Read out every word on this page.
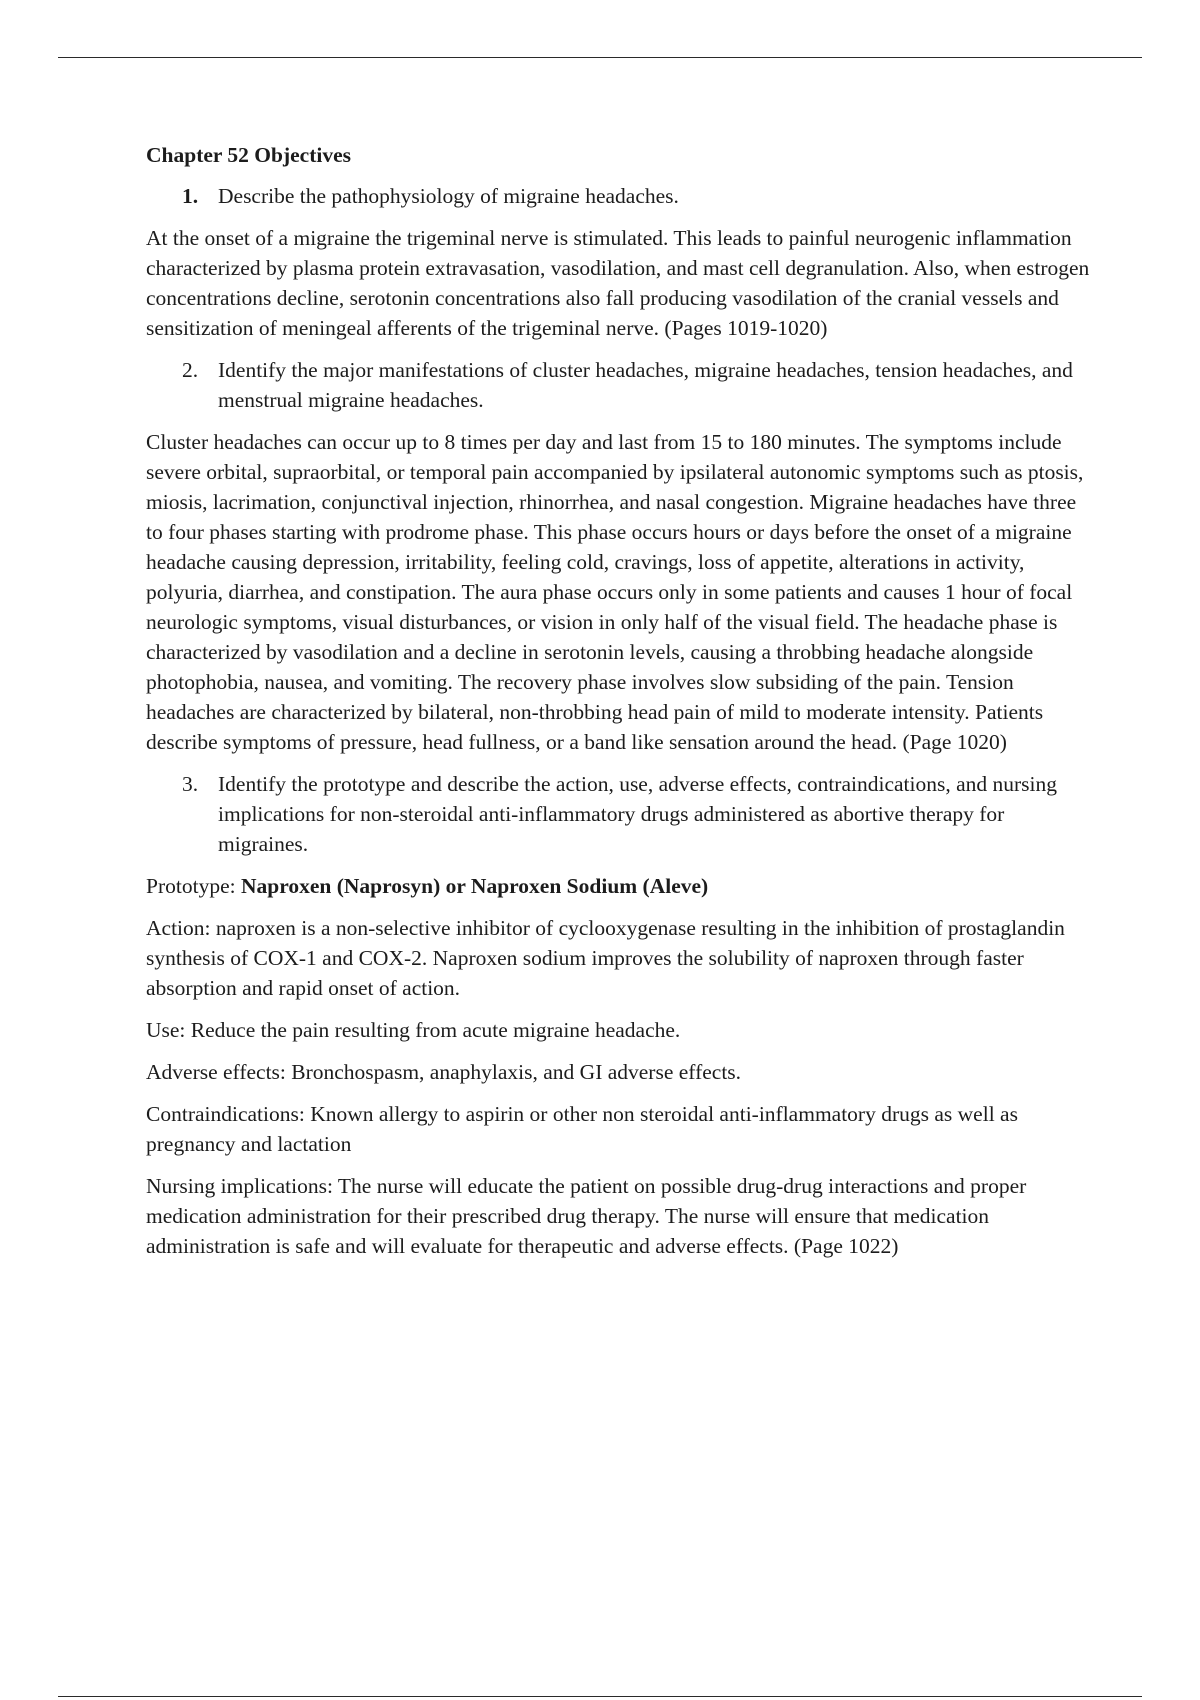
Chapter 52 Objectives
1. Describe the pathophysiology of migraine headaches.

At the onset of a migraine the trigeminal nerve is stimulated. This leads to painful neurogenic inflammation characterized by plasma protein extravasation, vasodilation, and mast cell degranulation. Also, when estrogen concentrations decline, serotonin concentrations also fall producing vasodilation of the cranial vessels and sensitization of meningeal afferents of the trigeminal nerve. (Pages 1019-1020)

2. Identify the major manifestations of cluster headaches, migraine headaches, tension headaches, and menstrual migraine headaches.

Cluster headaches can occur up to 8 times per day and last from 15 to 180 minutes. The symptoms include severe orbital, supraorbital, or temporal pain accompanied by ipsilateral autonomic symptoms such as ptosis, miosis, lacrimation, conjunctival injection, rhinorrhea, and nasal congestion. Migraine headaches have three to four phases starting with prodrome phase. This phase occurs hours or days before the onset of a migraine headache causing depression, irritability, feeling cold, cravings, loss of appetite, alterations in activity, polyuria, diarrhea, and constipation. The aura phase occurs only in some patients and causes 1 hour of focal neurologic symptoms, visual disturbances, or vision in only half of the visual field. The headache phase is characterized by vasodilation and a decline in serotonin levels, causing a throbbing headache alongside photophobia, nausea, and vomiting. The recovery phase involves slow subsiding of the pain. Tension headaches are characterized by bilateral, non-throbbing head pain of mild to moderate intensity. Patients describe symptoms of pressure, head fullness, or a band like sensation around the head. (Page 1020)

3. Identify the prototype and describe the action, use, adverse effects, contraindications, and nursing implications for non-steroidal anti-inflammatory drugs administered as abortive therapy for migraines.

Prototype: Naproxen (Naprosyn) or Naproxen Sodium (Aleve)

Action: naproxen is a non-selective inhibitor of cyclooxygenase resulting in the inhibition of prostaglandin synthesis of COX-1 and COX-2. Naproxen sodium improves the solubility of naproxen through faster absorption and rapid onset of action.

Use: Reduce the pain resulting from acute migraine headache.

Adverse effects: Bronchospasm, anaphylaxis, and GI adverse effects.

Contraindications: Known allergy to aspirin or other non steroidal anti-inflammatory drugs as well as pregnancy and lactation

Nursing implications: The nurse will educate the patient on possible drug-drug interactions and proper medication administration for their prescribed drug therapy. The nurse will ensure that medication administration is safe and will evaluate for therapeutic and adverse effects. (Page 1022)
